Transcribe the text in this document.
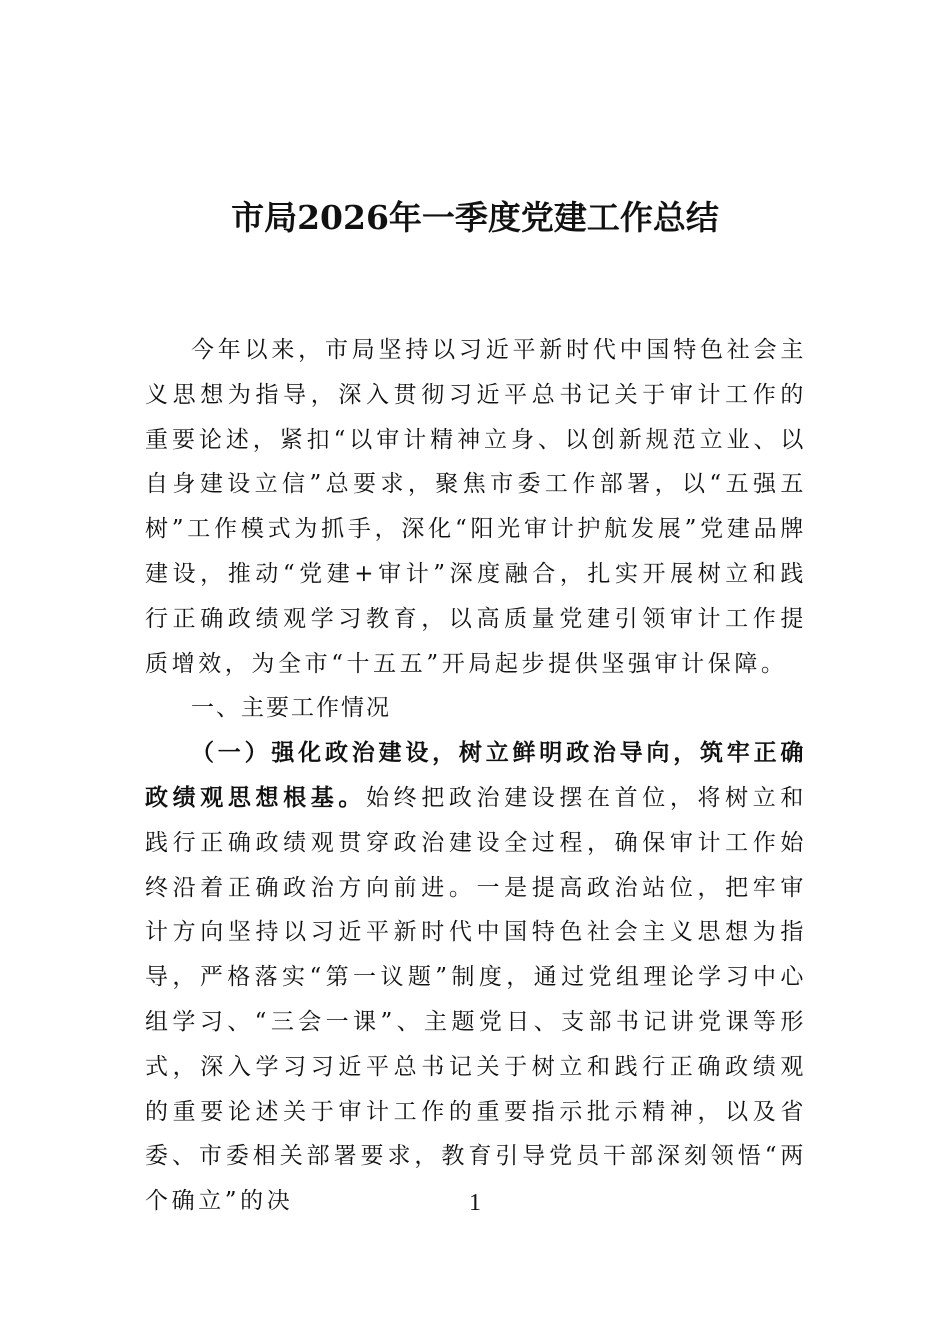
市局2026年一季度党建工作总结

今年以来，市局坚持以习近平新时代中国特色社会主义思想为指导，深入贯彻习近平总书记关于审计工作的重要论述，紧扣“以审计精神立身、以创新规范立业、以自身建设立信”总要求，聚焦市委工作部署，以“五强五树”工作模式为抓手，深化“阳光审计护航发展”党建品牌建设，推动“党建+审计”深度融合，扎实开展树立和践行正确政绩观学习教育，以高质量党建引领审计工作提质增效，为全市“十五五”开局起步提供坚强审计保障。

一、主要工作情况

（一）强化政治建设，树立鲜明政治导向，筑牢正确政绩观思想根基。始终把政治建设摆在首位，将树立和践行正确政绩观贯穿政治建设全过程，确保审计工作始终沿着正确政治方向前进。一是提高政治站位，把牢审计方向坚持以习近平新时代中国特色社会主义思想为指导，严格落实“第一议题”制度，通过党组理论学习中心组学习、“三会一课”、主题党日、支部书记讲党课等形式，深入学习习近平总书记关于树立和践行正确政绩观的重要论述关于审计工作的重要指示批示精神，以及省委、市委相关部署要求，教育引导党员干部深刻领悟“两个确立”的决	1
